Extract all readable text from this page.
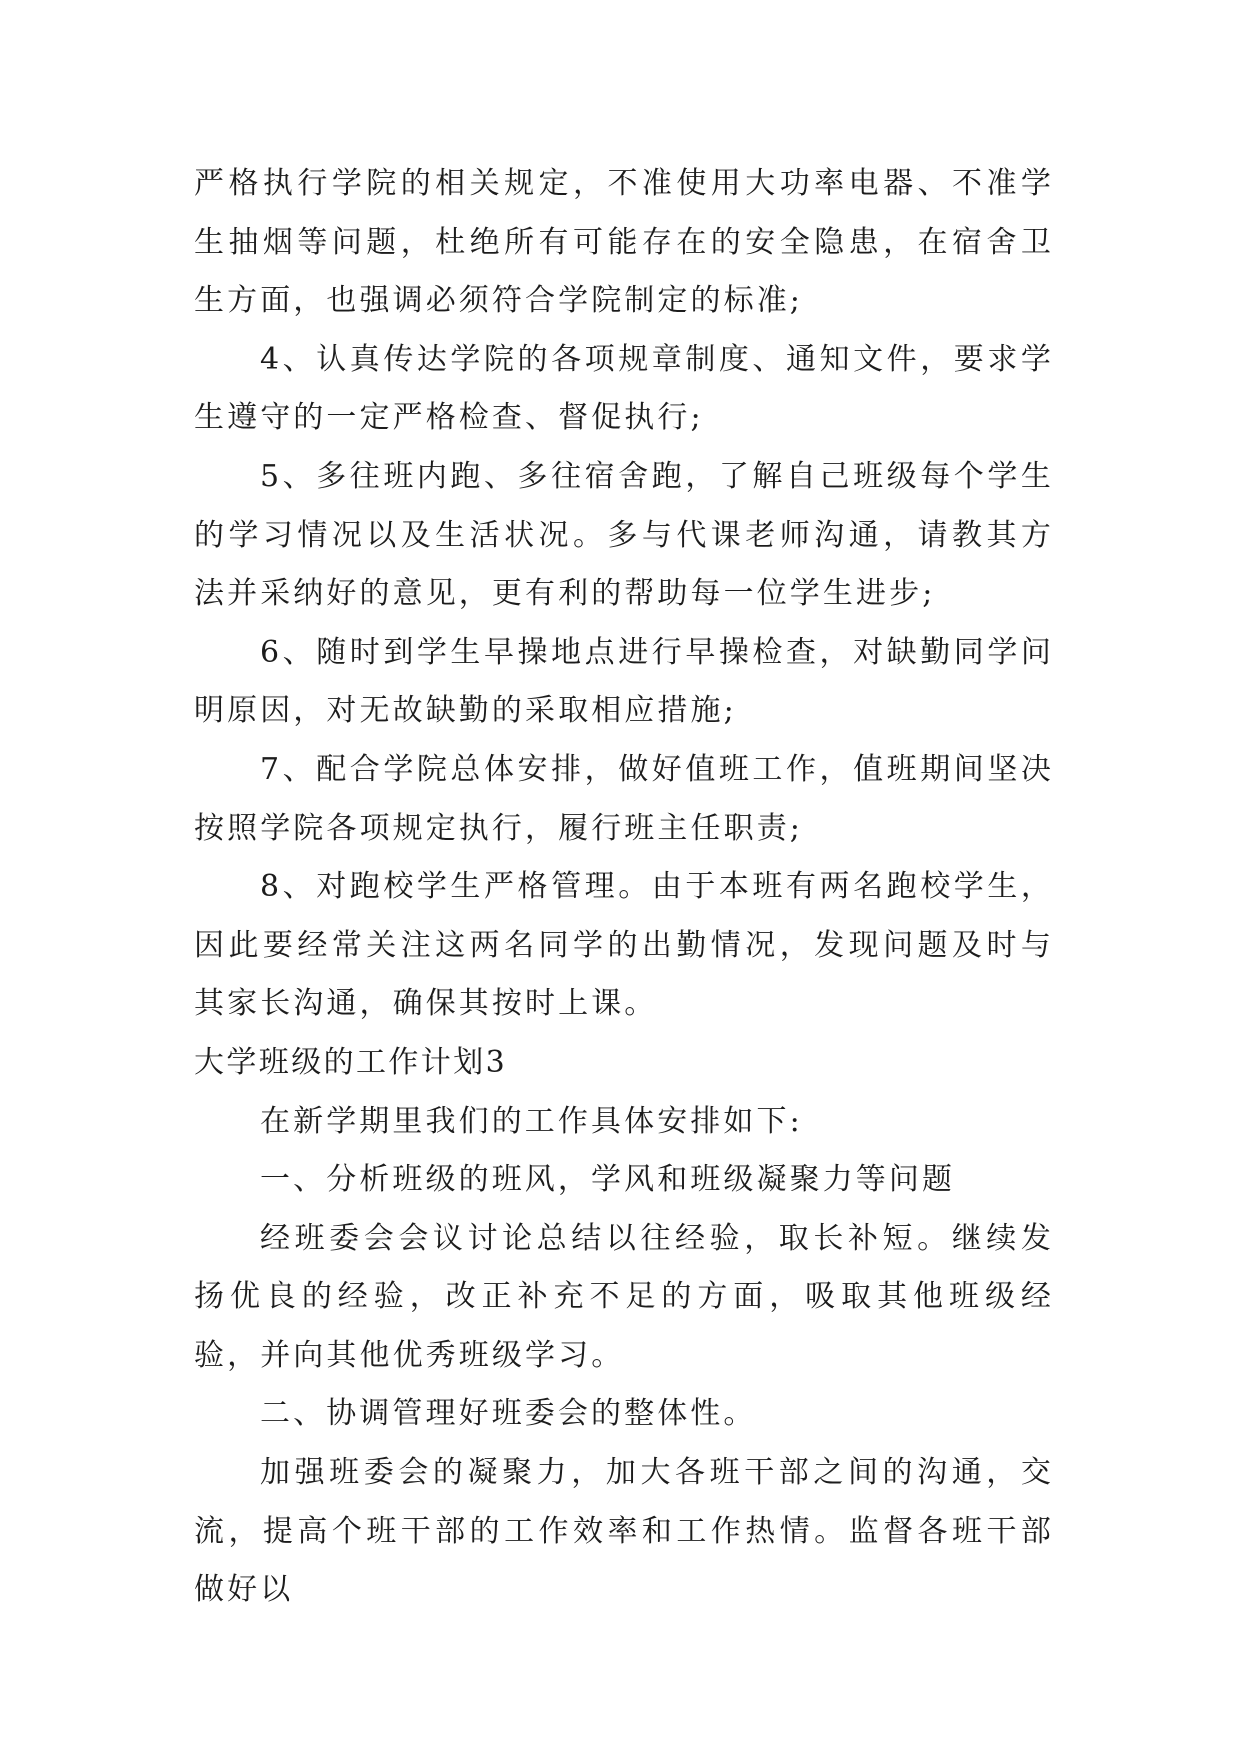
严格执行学院的相关规定，不准使用大功率电器、不准学生抽烟等问题，杜绝所有可能存在的安全隐患，在宿舍卫生方面，也强调必须符合学院制定的标准;

4、认真传达学院的各项规章制度、通知文件，要求学生遵守的一定严格检查、督促执行;

5、多往班内跑、多往宿舍跑，了解自己班级每个学生的学习情况以及生活状况。多与代课老师沟通，请教其方法并采纳好的意见，更有利的帮助每一位学生进步;

6、随时到学生早操地点进行早操检查，对缺勤同学问明原因，对无故缺勤的采取相应措施;

7、配合学院总体安排，做好值班工作，值班期间坚决按照学院各项规定执行，履行班主任职责;

8、对跑校学生严格管理。由于本班有两名跑校学生，因此要经常关注这两名同学的出勤情况，发现问题及时与其家长沟通，确保其按时上课。

大学班级的工作计划3

在新学期里我们的工作具体安排如下:

一、分析班级的班风，学风和班级凝聚力等问题

经班委会会议讨论总结以往经验，取长补短。继续发扬优良的经验，改正补充不足的方面，吸取其他班级经验，并向其他优秀班级学习。

二、协调管理好班委会的整体性。

加强班委会的凝聚力，加大各班干部之间的沟通，交流，提高个班干部的工作效率和工作热情。监督各班干部做好以
